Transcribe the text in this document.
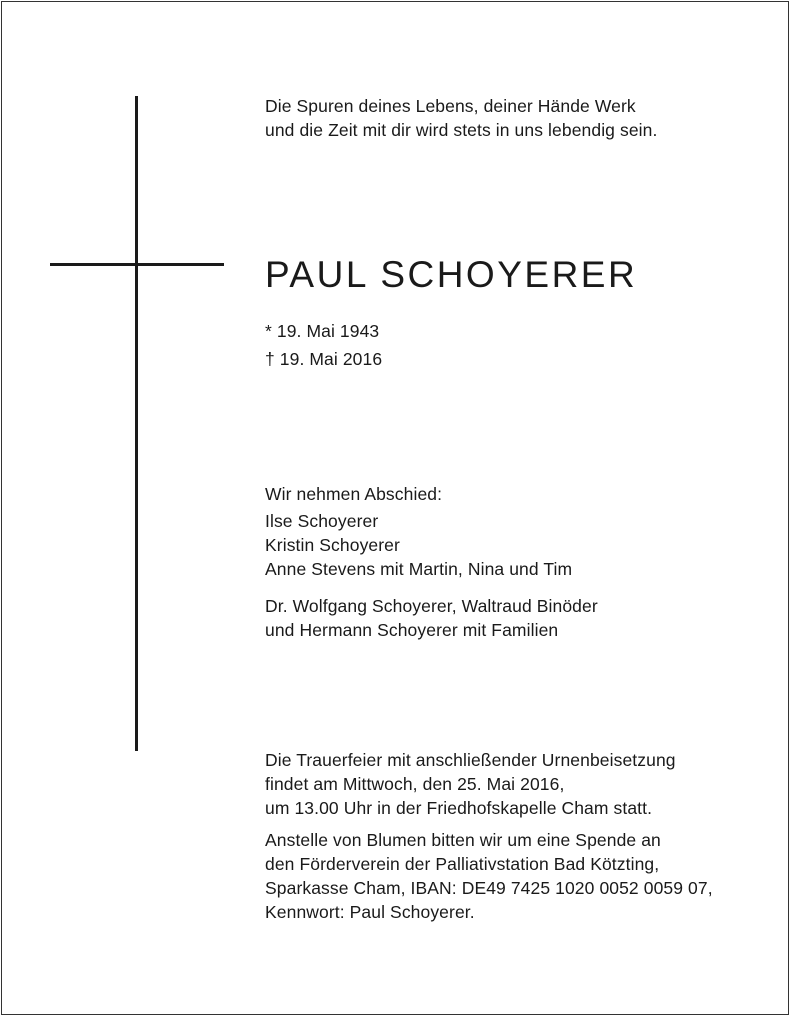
Die Spuren deines Lebens, deiner Hände Werk
und die Zeit mit dir wird stets in uns lebendig sein.

PAUL SCHOYERER

* 19. Mai 1943
† 19. Mai 2016

Wir nehmen Abschied:
Ilse Schoyerer
Kristin Schoyerer
Anne Stevens mit Martin, Nina und Tim

Dr. Wolfgang Schoyerer, Waltraud Binöder
und Hermann Schoyerer mit Familien

Die Trauerfeier mit anschließender Urnenbeisetzung
findet am Mittwoch, den 25. Mai 2016,
um 13.00 Uhr in der Friedhofskapelle Cham statt.

Anstelle von Blumen bitten wir um eine Spende an
den Förderverein der Palliativstation Bad Kötzting,
Sparkasse Cham, IBAN: DE49 7425 1020 0052 0059 07,
Kennwort: Paul Schoyerer.
